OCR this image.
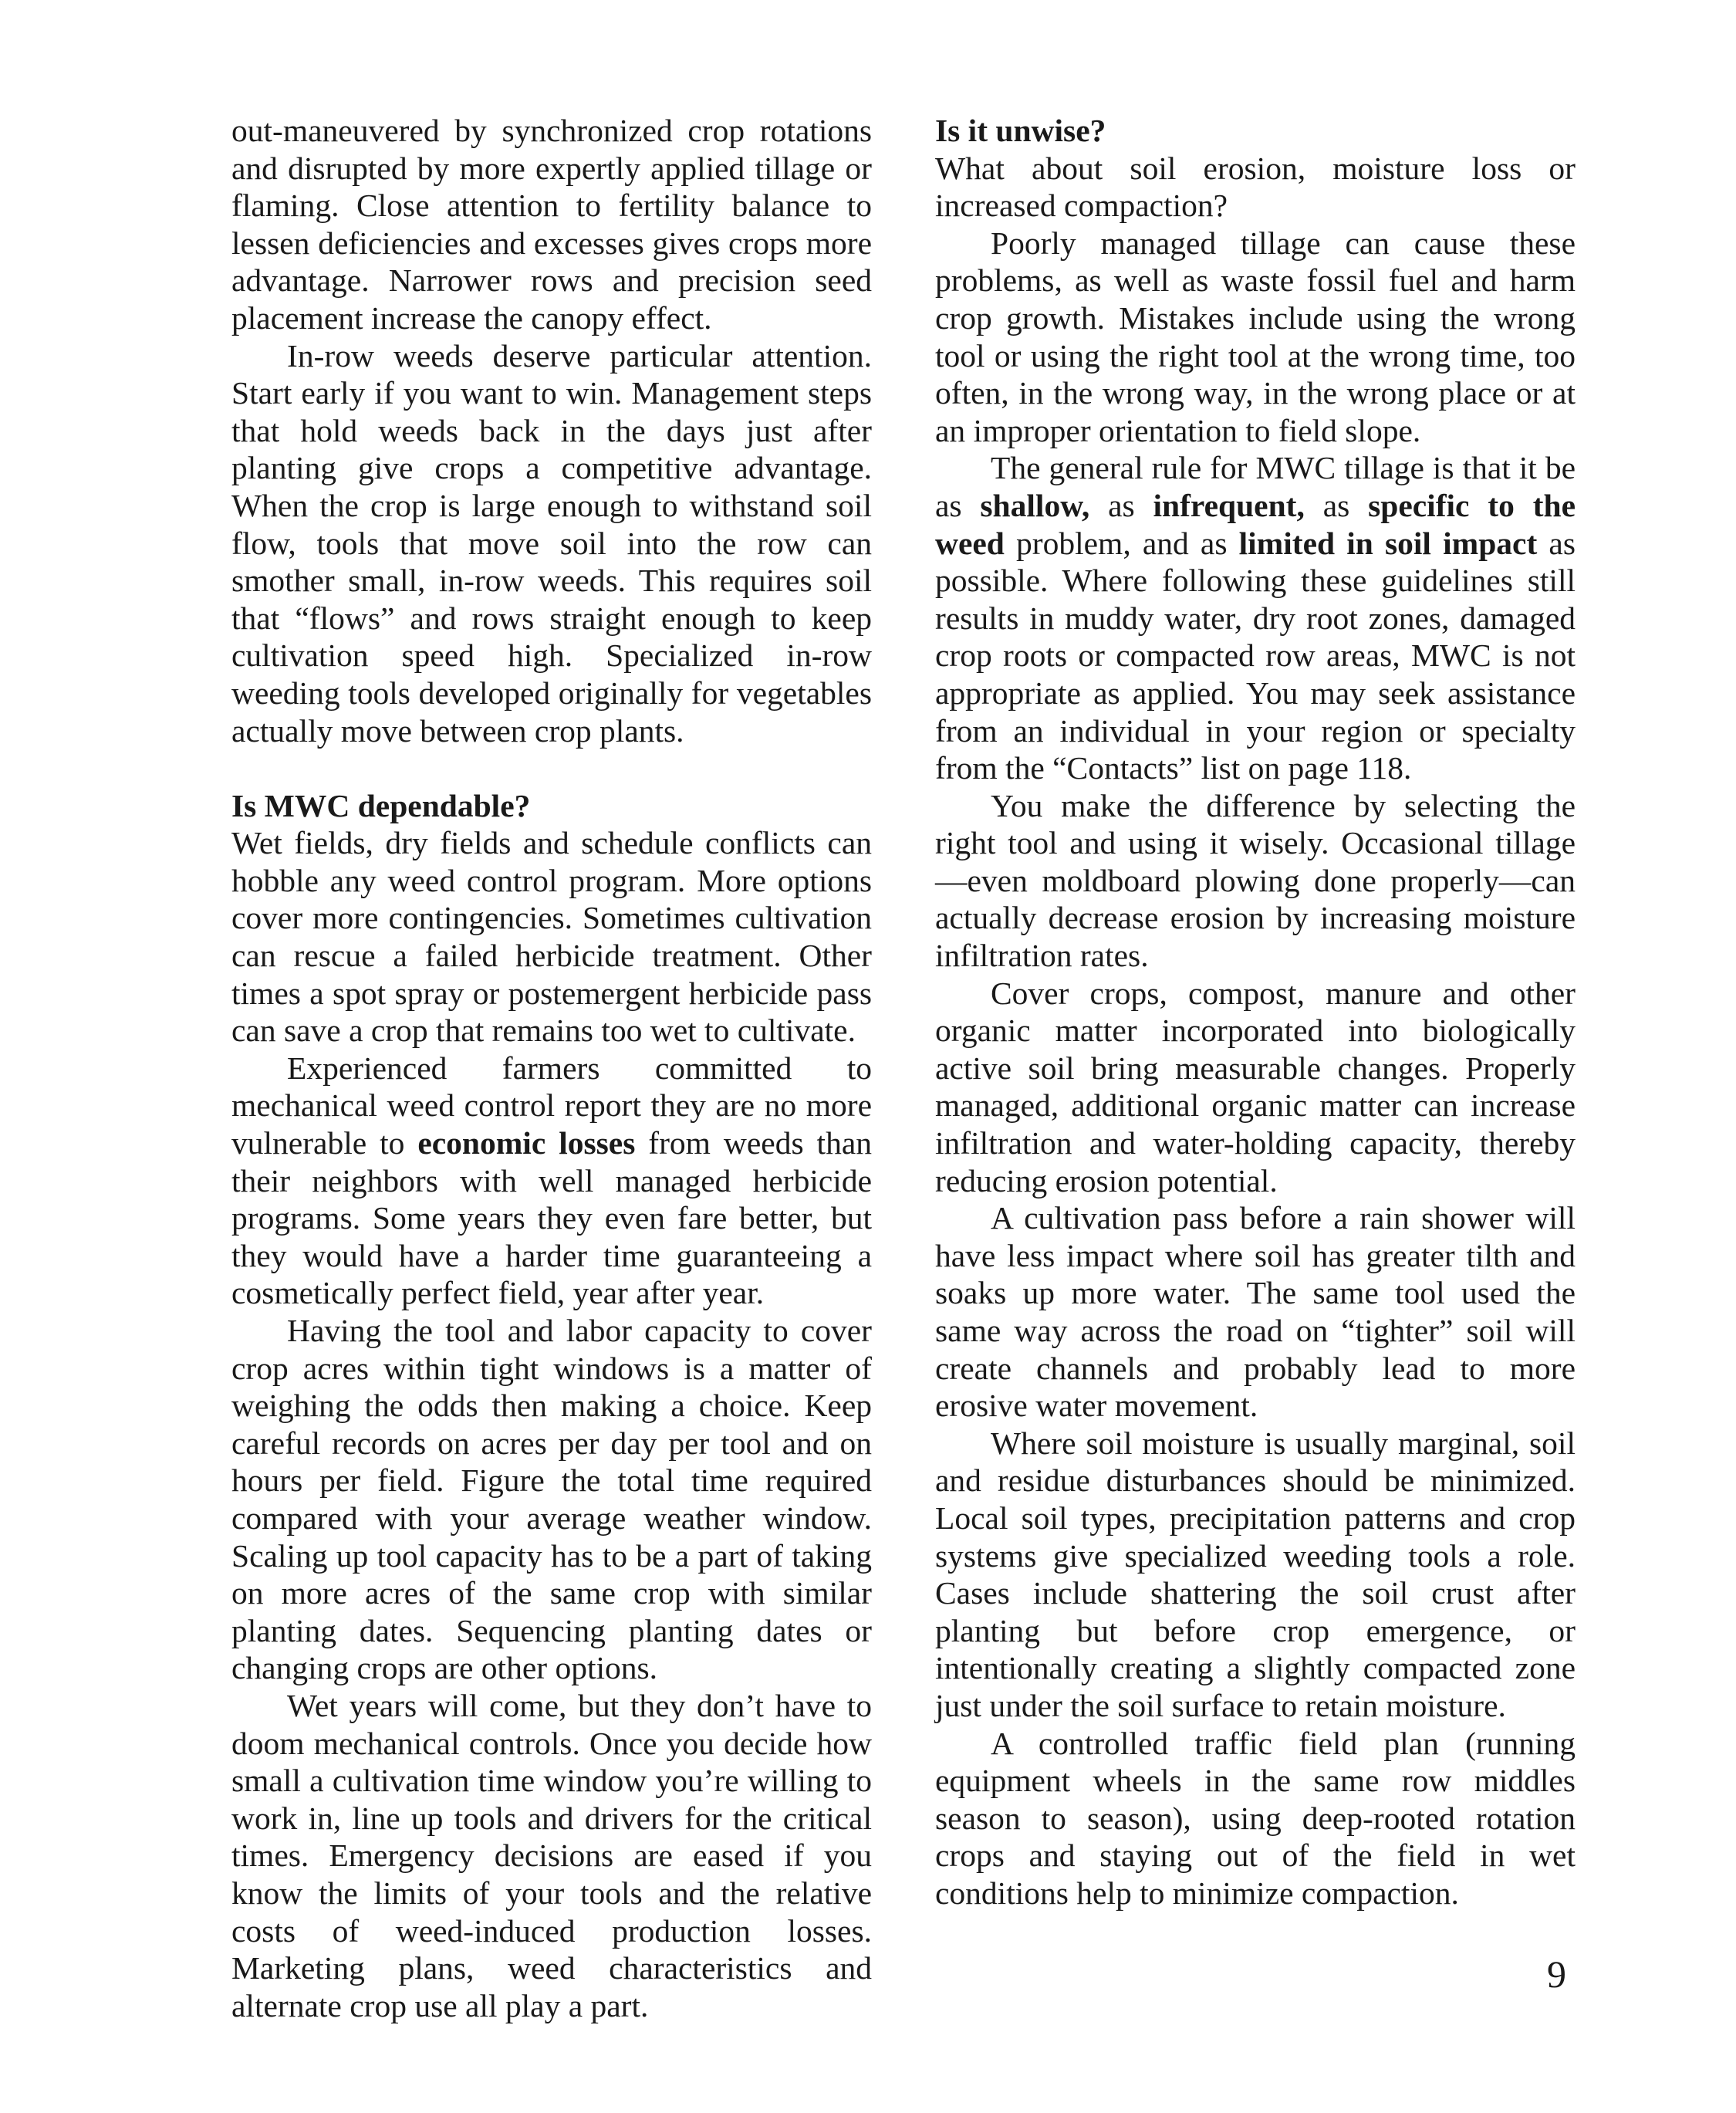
out-maneuvered by synchronized crop rotations and disrupted by more expertly applied tillage or flaming. Close attention to fertility balance to lessen deficiencies and excesses gives crops more advantage. Narrower rows and precision seed placement increase the canopy effect.

In-row weeds deserve particular attention. Start early if you want to win. Management steps that hold weeds back in the days just after planting give crops a competitive advantage. When the crop is large enough to withstand soil flow, tools that move soil into the row can smother small, in-row weeds. This requires soil that “flows” and rows straight enough to keep cultivation speed high. Specialized in-row weeding tools developed originally for vegetables actually move between crop plants.

Is MWC dependable?

Wet fields, dry fields and schedule conflicts can hobble any weed control program. More options cover more contingencies. Sometimes cultivation can rescue a failed herbicide treatment. Other times a spot spray or postemergent herbicide pass can save a crop that remains too wet to cultivate.

Experienced farmers committed to mechanical weed control report they are no more vulnerable to economic losses from weeds than their neighbors with well managed herbicide programs. Some years they even fare better, but they would have a harder time guaranteeing a cosmetically perfect field, year after year.

Having the tool and labor capacity to cover crop acres within tight windows is a matter of weighing the odds then making a choice. Keep careful records on acres per day per tool and on hours per field. Figure the total time required compared with your average weather window. Scaling up tool capacity has to be a part of taking on more acres of the same crop with similar planting dates. Sequencing planting dates or changing crops are other options.

Wet years will come, but they don’t have to doom mechanical controls. Once you decide how small a cultivation time window you’re willing to work in, line up tools and drivers for the critical times. Emergency decisions are eased if you know the limits of your tools and the relative costs of weed-induced production losses. Marketing plans, weed characteristics and alternate crop use all play a part.

Is it unwise?

What about soil erosion, moisture loss or increased compaction?

Poorly managed tillage can cause these problems, as well as waste fossil fuel and harm crop growth. Mistakes include using the wrong tool or using the right tool at the wrong time, too often, in the wrong way, in the wrong place or at an improper orientation to field slope.

The general rule for MWC tillage is that it be as shallow, as infrequent, as specific to the weed problem, and as limited in soil impact as possible. Where following these guidelines still results in muddy water, dry root zones, damaged crop roots or compacted row areas, MWC is not appropriate as applied. You may seek assistance from an individual in your region or specialty from the “Contacts” list on page 118.

You make the difference by selecting the right tool and using it wisely. Occasional tillage—even moldboard plowing done properly—can actually decrease erosion by increasing moisture infiltration rates.

Cover crops, compost, manure and other organic matter incorporated into biologically active soil bring measurable changes. Properly managed, additional organic matter can increase infiltration and water-holding capacity, thereby reducing erosion potential.

A cultivation pass before a rain shower will have less impact where soil has greater tilth and soaks up more water. The same tool used the same way across the road on “tighter” soil will create channels and probably lead to more erosive water movement.

Where soil moisture is usually marginal, soil and residue disturbances should be minimized. Local soil types, precipitation patterns and crop systems give specialized weeding tools a role. Cases include shattering the soil crust after planting but before crop emergence, or intentionally creating a slightly compacted zone just under the soil surface to retain moisture.

A controlled traffic field plan (running equipment wheels in the same row middles season to season), using deep-rooted rotation crops and staying out of the field in wet conditions help to minimize compaction.

9
